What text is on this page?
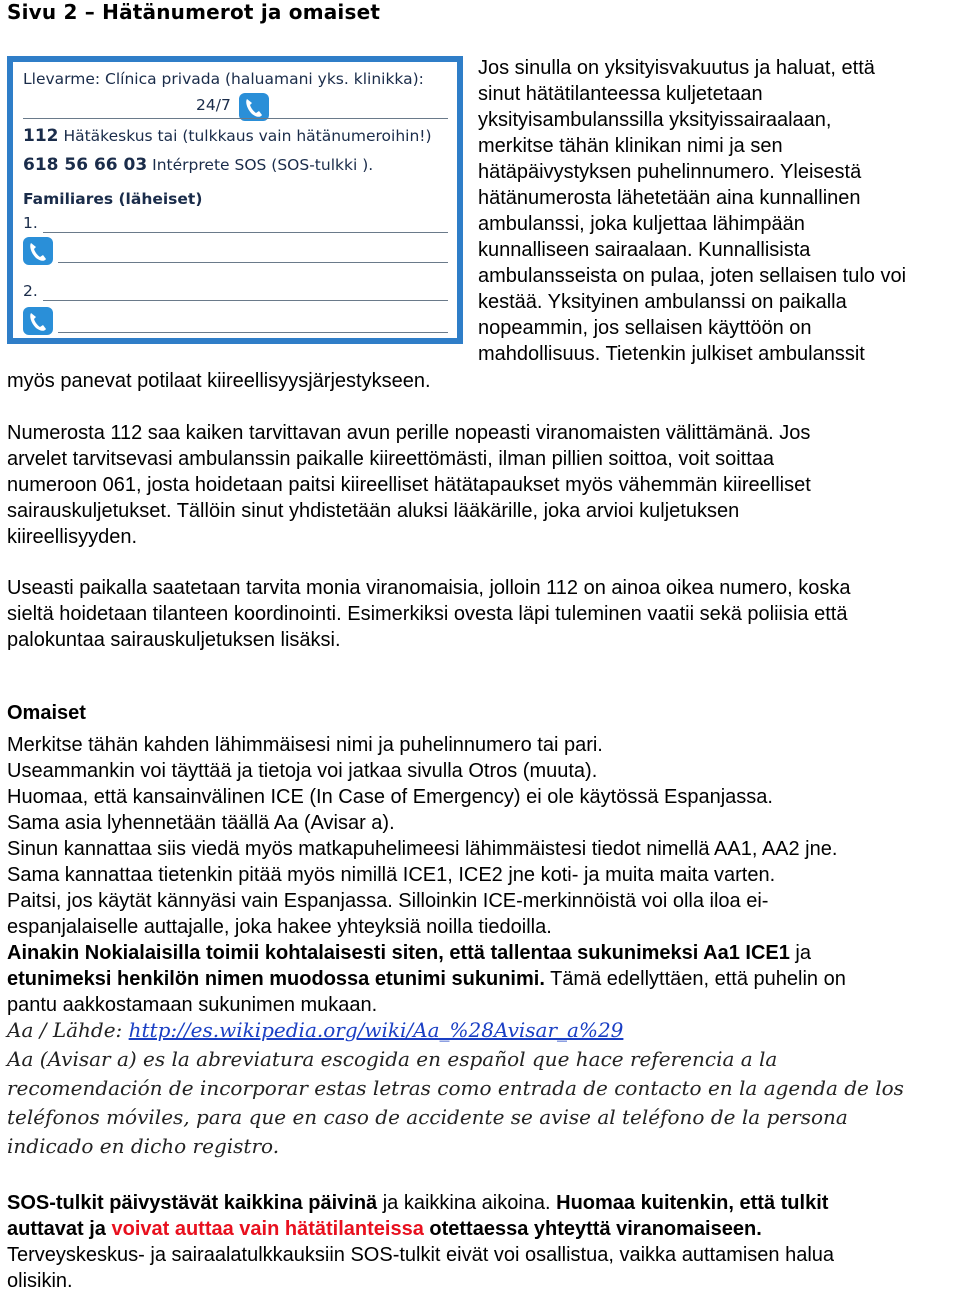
Sivu 2 – Hätänumerot ja omaiset
Llevarme: Clínica privada (haluamani yks. klinikka):
24/7
112 Hätäkeskus tai (tulkkaus vain hätänumeroihin!)
618 56 66 03 Intérprete SOS (SOS-tulkki ).
Familiares (läheiset)
1.
2.
Jos sinulla on yksityisvakuutus ja haluat, että
sinut hätätilanteessa kuljetetaan
yksityisambulanssilla yksityissairaalaan,
merkitse tähän klinikan nimi ja sen
hätäpäivystyksen puhelinnumero. Yleisestä
hätänumerosta lähetetään aina kunnallinen
ambulanssi, joka kuljettaa lähimpään
kunnalliseen sairaalaan. Kunnallisista
ambulansseista on pulaa, joten sellaisen tulo voi
kestää. Yksityinen ambulanssi on paikalla
nopeammin, jos sellaisen käyttöön on
mahdollisuus. Tietenkin julkiset ambulanssit
myös panevat potilaat kiireellisyysjärjestykseen.
Numerosta 112 saa kaiken tarvittavan avun perille nopeasti viranomaisten välittämänä. Jos
arvelet tarvitsevasi ambulanssin paikalle kiireettömästi, ilman pillien soittoa, voit soittaa
numeroon 061, josta hoidetaan paitsi kiireelliset hätätapaukset myös vähemmän kiireelliset
sairauskuljetukset. Tällöin sinut yhdistetään aluksi lääkärille, joka arvioi kuljetuksen
kiireellisyyden.
Useasti paikalla saatetaan tarvita monia viranomaisia, jolloin 112 on ainoa oikea numero, koska
sieltä hoidetaan tilanteen koordinointi. Esimerkiksi ovesta läpi tuleminen vaatii sekä poliisia että
palokuntaa sairauskuljetuksen lisäksi.
Omaiset
Merkitse tähän kahden lähimmäisesi nimi ja puhelinnumero tai pari.
Useammankin voi täyttää ja tietoja voi jatkaa sivulla Otros (muuta).
Huomaa, että kansainvälinen ICE (In Case of Emergency) ei ole käytössä Espanjassa.
Sama asia lyhennetään täällä Aa (Avisar a).
Sinun kannattaa siis viedä myös matkapuhelimeesi lähimmäistesi tiedot nimellä AA1, AA2 jne.
Sama kannattaa tietenkin pitää myös nimillä ICE1, ICE2 jne koti- ja muita maita varten.
Paitsi, jos käytät kännyäsi vain Espanjassa. Silloinkin ICE-merkinnöistä voi olla iloa ei-
espanjalaiselle auttajalle, joka hakee yhteyksiä noilla tiedoilla.
Ainakin Nokialaisilla toimii kohtalaisesti siten, että tallentaa sukunimeksi Aa1 ICE1 ja
etunimeksi henkilön nimen muodossa etunimi sukunimi. Tämä edellyttäen, että puhelin on
pantu aakkostamaan sukunimen mukaan.
Aa / Lähde: http://es.wikipedia.org/wiki/Aa_%28Avisar_a%29
Aa (Avisar a) es la abreviatura escogida en español que hace referencia a la
recomendación de incorporar estas letras como entrada de contacto en la agenda de los
teléfonos móviles, para que en caso de accidente se avise al teléfono de la persona
indicado en dicho registro.
SOS-tulkit päivystävät kaikkina päivinä ja kaikkina aikoina. Huomaa kuitenkin, että tulkit
auttavat ja voivat auttaa vain hätätilanteissa otettaessa yhteyttä viranomaiseen.
Terveyskeskus- ja sairaalatulkkauksiin SOS-tulkit eivät voi osallistua, vaikka auttamisen halua
olisikin.
